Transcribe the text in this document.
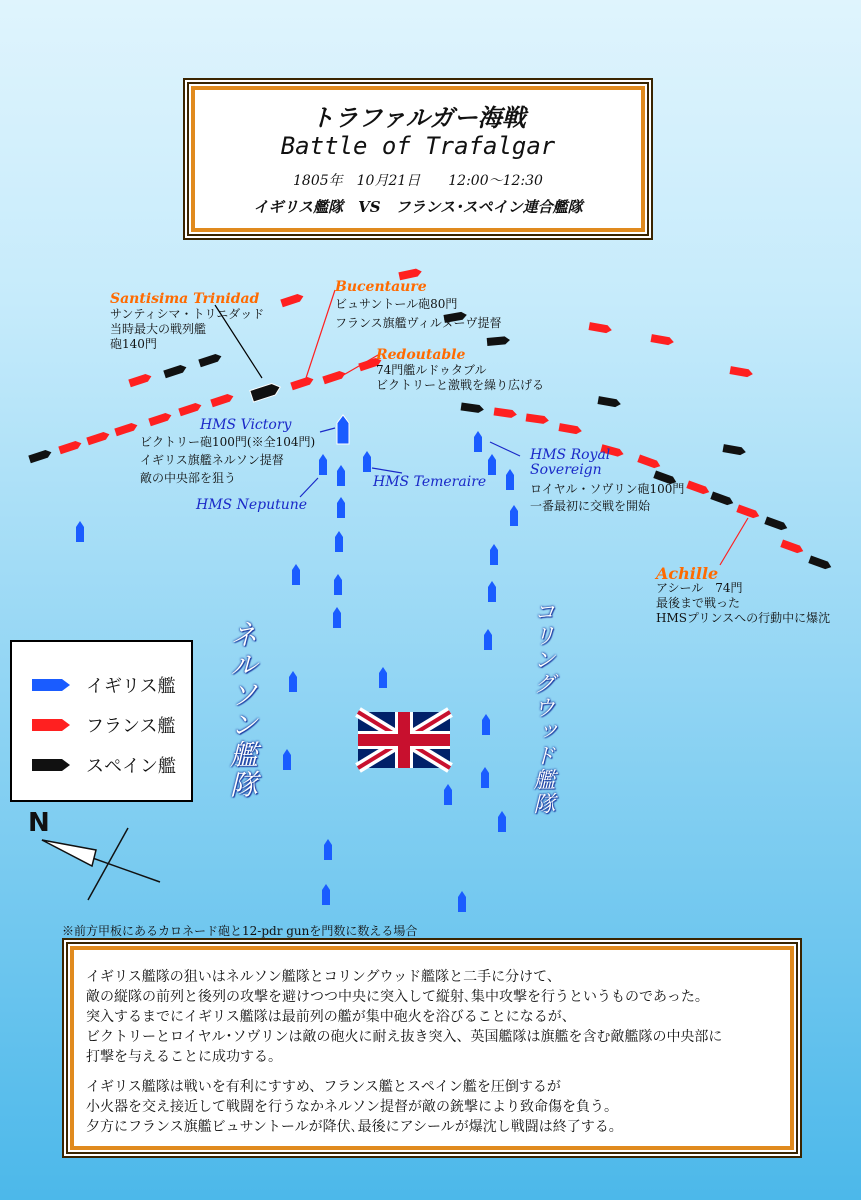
トラファルガー海戦
Battle of Trafalgar
1805年　10月21日　　12:00～12:30
イギリス艦隊　VS　フランス･スペイン連合艦隊
Santisima Trinidad
サンティシマ・トリニダッド
当時最大の戦列艦
砲140門
Bucentaure
ビュサントール砲80門
フランス旗艦ヴィルヌーヴ提督
Redoutable
74門艦ルドゥタブル
ビクトリーと激戦を繰り広げる
HMS Victory
ビクトリー砲100門(※全104門)
イギリス旗艦ネルソン提督
敵の中央部を狙う
HMS Neputune
HMS Temeraire
HMS Royal
Sovereign
ロイヤル・ソヴリン砲100門
一番最初に交戦を開始
Achille
アシール　74門
最後まで戦った
HMSプリンスへの行動中に爆沈
ネルソン艦隊	コリングウッド艦隊
イギリス艦
フランス艦
スペイン艦
N
※前方甲板にあるカロネード砲と12-pdr gunを門数に数える場合
イギリス艦隊の狙いはネルソン艦隊とコリングウッド艦隊と二手に分けて、
敵の縦隊の前列と後列の攻撃を避けつつ中央に突入して縦射､集中攻撃を行うというものであった。
突入するまでにイギリス艦隊は最前列の艦が集中砲火を浴びることになるが、
ビクトリーとロイヤル･ソヴリンは敵の砲火に耐え抜き突入、英国艦隊は旗艦を含む敵艦隊の中央部に
打撃を与えることに成功する。
イギリス艦隊は戦いを有利にすすめ、フランス艦とスペイン艦を圧倒するが
小火器を交え接近して戦闘を行うなかネルソン提督が敵の銃撃により致命傷を負う。
夕方にフランス旗艦ビュサントールが降伏､最後にアシールが爆沈し戦闘は終了する。
